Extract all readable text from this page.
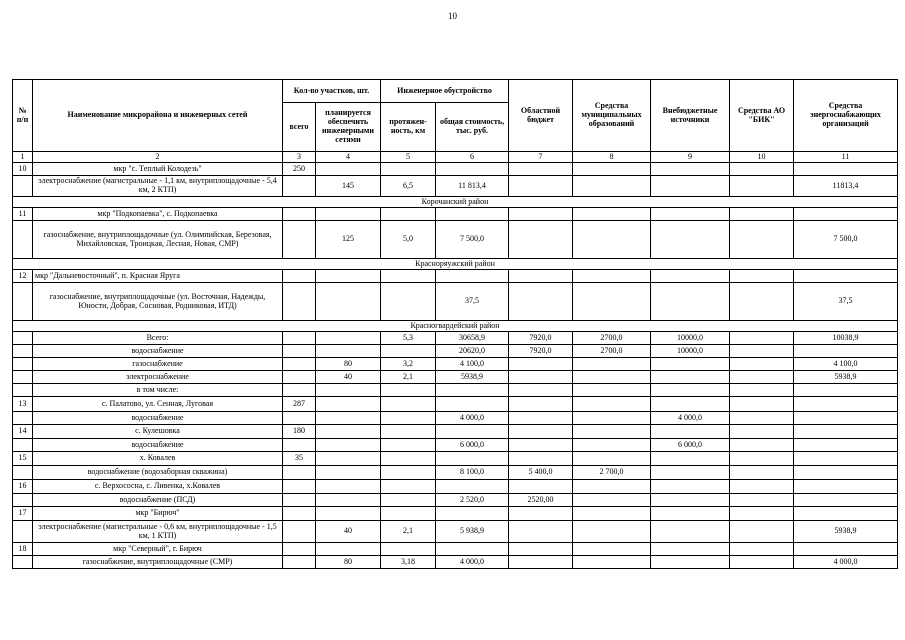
10
№ п/п	Наименование микрорайона и инженерных сетей	Кол-во участков, шт.		Инженерное обустройство		Областной бюджет	Средства муниципальных образований	Внебюджетные источники	Средства АО "БИК"	Средства энергоснабжающих организаций
		всего	планируется обеспечить инженерными сетями	протяжен-ность, км	общая стоимость, тыс. руб.					
1	2	3	4	5	6	7	8	9	10	11
10	мкр "с. Теплый Колодезь"	250								
	электроснабжение (магистральные - 1,1 км, внутриплощадочные - 5,4 км, 2 КТП)		145	6,5	11 813,4					11813,4
Корочанский район										
11	мкр "Подкопаевка", с. Подкопаевка									
	газоснабжение, внутриплощадочные (ул. Олимпийская, Березовая, Михайловская, Троицкая, Лесная, Новая, СМР)		125	5,0	7 500,0					7 500,0
Красноряужский район										
12	мкр "Дальневосточный", п. Красная Яруга									
	газоснабжение, внутриплощадочные (ул. Восточная, Надежды, Юности, Добрая, Сосновая, Родниковая, ИТД)				37,5					37,5
Красногвардейский район										
	Всего:			5,3	30658,9	7920,0	2700,0	10000,0		10038,9
	водоснабжение				20620,0	7920,0	2700,0	10000,0		
	газоснабжение		80	3,2	4 100,0					4 100,0
	электроснабжение		40	2,1	5938,9					5938,9
	в том числе:									
13	с. Палатово, ул. Сенная, Луговая	287								
	водоснабжение				4 000,0			4 000,0		
14	с. Кулешовка	180								
	водоснабжение				6 000,0			6 000,0		
15	х. Ковалев	35								
	водоснабжение (водозаборная скважина)				8 100,0	5 400,0	2 700,0			
16	с. Верхососна, с. Ливенка, х.Ковалев									
	водоснабжение (ПСД)				2 520,0	2520,00				
17	мкр "Бирюч"									
	электроснабжение (магистральные - 0,6 км, внутриплощадочные - 1,5 км, 1 КТП)		40	2,1	5 938,9					5938,9
18	мкр "Северный", г. Бирюч									
	газоснабжение, внутриплощадочные (СМР)		80	3,18	4 000,0					4 000,0
